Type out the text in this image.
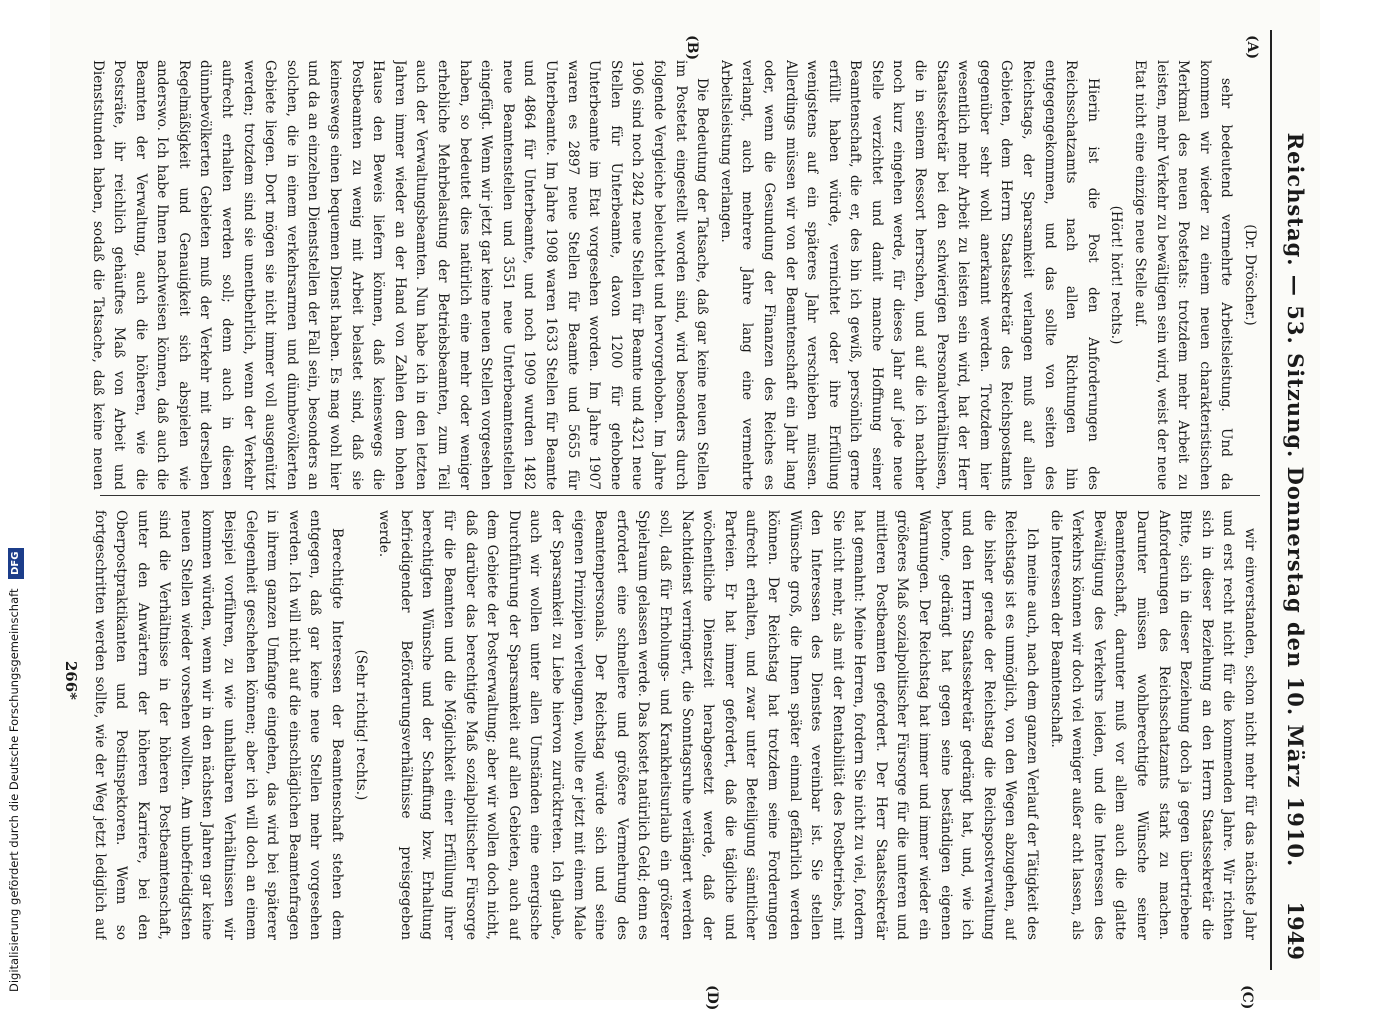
Digitalisierung gefördert durch die Deutsche Forschungsgemeinschaft DFG	Reichstag. — 53. Sitzung. Donnerstag den 10. März 1910.
1949
(A)
(B)
(C)
(D)

(Dr. Dröscher.)

sehr bedeutend vermehrte Arbeitsleistung. Und da kommen wir wieder zu einem neuen charakteristischen Merkmal des neuen Postetats: trotzdem mehr Arbeit zu leisten, mehr Verkehr zu bewältigen sein wird, weist der neue Etat nicht eine einzige neue Stelle auf.

(Hört! hört! rechts.)

Hierin ist die Post den Anforderungen des Reichsschatzamts nach allen Richtungen hin entgegengekommen, und das sollte von seiten des Reichstags, der Sparsamkeit verlangen muß auf allen Gebieten, dem Herrn Staatssekretär des Reichspostamts gegenüber sehr wohl anerkannt werden. Trotzdem hier wesentlich mehr Arbeit zu leisten sein wird, hat der Herr Staatssekretär bei den schwierigen Personalverhältnissen, die in seinem Ressort herrschen, und auf die ich nachher noch kurz eingehen werde, für dieses Jahr auf jede neue Stelle verzichtet und damit manche Hoffnung seiner Beamtenschaft, die er, des bin ich gewiß, persönlich gerne erfüllt haben würde, vernichtet oder ihre Erfüllung wenigstens auf ein späteres Jahr verschieben müssen. Allerdings müssen wir von der Beamtenschaft ein Jahr lang oder, wenn die Gesundung der Finanzen des Reiches es verlangt, auch mehrere Jahre lang eine vermehrte Arbeitsleistung verlangen.

Die Bedeutung der Tatsache, daß gar keine neuen Stellen im Postetat eingestellt worden sind, wird besonders durch folgende Vergleiche beleuchtet und hervorgehoben. Im Jahre 1906 sind noch 2842 neue Stellen für Beamte und 4321 neue Stellen für Unterbeamte, davon 1200 für gehobene Unterbeamte im Etat vorgesehen worden. Im Jahre 1907 waren es 2897 neue Stellen für Beamte und 5655 für Unterbeamte. Im Jahre 1908 waren 1633 Stellen für Beamte und 4864 für Unterbeamte, und noch 1909 wurden 1482 neue Beamtenstellen und 3551 neue Unterbeamtenstellen eingefügt. Wenn wir jetzt gar keine neuen Stellen vorgesehen haben, so bedeutet dies natürlich eine mehr oder weniger erhebliche Mehrbelastung der Betriebsbeamten, zum Teil auch der Verwaltungsbeamten. Nun habe ich in den letzten Jahren immer wieder an der Hand von Zahlen dem hohen Hause den Beweis liefern können, daß keineswegs die Postbeamten zu wenig mit Arbeit belastet sind, daß sie keineswegs einen bequemen Dienst haben. Es mag wohl hier und da an einzelnen Dienststellen der Fall sein, besonders an solchen, die in einem verkehrsarmen und dünnbevölkerten Gebiete liegen. Dort mögen sie nicht immer voll ausgenützt werden; trotzdem sind sie unentbehrlich, wenn der Verkehr aufrecht erhalten werden soll; denn auch in diesen dünnbevölkerten Gebieten muß der Verkehr mit derselben Regelmäßigkeit und Genauigkeit sich abspielen wie anderswo. Ich habe Ihnen nachweisen können, daß auch die Beamten der Verwaltung, auch die höheren, wie die Postsräte, ihr reichlich gehäuftes Maß von Arbeit und Dienststunden haben, sodaß die Tatsache, daß keine neuen

wir einverstanden, schon nicht mehr für das nächste Jahr und erst recht nicht für die kommenden Jahre. Wir richten sich in dieser Beziehung an den Herrn Staatssekretär die Bitte, sich in dieser Beziehung doch ja gegen übertriebene Anforderungen des Reichsschatzamts stark zu machen. Darunter müssen wohlberechtigte Wünsche seiner Beamtenschaft, darunter muß vor allem auch die glatte Bewältigung des Verkehrs leiden, und die Interessen des Verkehrs können wir doch viel weniger außer acht lassen, als die Interessen der Beamtenschaft.

Ich meine auch, nach dem ganzen Verlauf der Tätigkeit des Reichstags ist es unmöglich, von den Wegen abzugehen, auf die bisher gerade der Reichstag die Reichspostverwaltung und den Herrn Staatssekretär gedrängt hat, und, wie ich betone, gedrängt hat gegen seine beständigen eigenen Warnungen. Der Reichstag hat immer und immer wieder ein größeres Maß sozialpolitischer Fürsorge für die unteren und mittleren Postbeamten gefordert. Der Herr Staatssekretär hat gemahnt: Meine Herren, fordern Sie nicht zu viel, fordern Sie nicht mehr, als mit der Rentabilität des Postbetriebs, mit den Interessen des Dienstes vereinbar ist. Sie stellen Wünsche groß, die Ihnen später einmal gefährlich werden können. Der Reichstag hat trotzdem seine Forderungen aufrecht erhalten, und zwar unter Beteiligung sämtlicher Parteien. Er hat immer gefordert, daß die tägliche und wöchentliche Dienstzeit herabgesetzt werde, daß der Nachtdienst verringert, die Sonntagsruhe verlängert werden soll, daß für Erholungs- und Krankheitsurlaub ein größerer Spielraum gelassen werde. Das kostet natürlich Geld; denn es erfordert eine schnellere und größere Vermehrung des Beamtenpersonals. Der Reichstag würde sich und seine eigenen Prinzipien verleugnen, wollte er jetzt mit einem Male der Sparsamkeit zu Liebe hiervon zurücktreten. Ich glaube, auch wir wollen unter allen Umständen eine energische Durchführung der Sparsamkeit auf allen Gebieten, auch auf dem Gebiete der Postverwaltung; aber wir wollen doch nicht, daß darüber das berechtigte Maß sozialpolitischer Fürsorge für die Beamten und die Möglichkeit einer Erfüllung ihrer berechtigten Wünsche und der Schaffung bzw. Erhaltung befriedigender Beförderungsverhältnisse preisgegeben werde.

(Sehr richtig! rechts.)

Berechtigte Interessen der Beamtenschaft stehen dem entgegen, daß gar keine neue Stellen mehr vorgesehen werden. Ich will nicht auf die einschläglichen Beamtenfragen in ihrem ganzen Umfange eingehen, das wird bei späterer Gelegenheit geschehen können; aber ich will doch an einem Beispiel vorführen, zu wie unhaltbaren Verhältnissen wir kommen würden, wenn wir in den nächsten Jahren gar keine neuen Stellen wieder vorsehen wollten. Am unbefriedigtsten sind die Verhältnisse in der höheren Postbeamtenschaft, unter den Anwärtern der höheren Karriere, bei den Oberpostpraktikanten und Postinspektoren. Wenn so fortgeschritten werden sollte, wie der Weg jetzt lediglich auf

266*
